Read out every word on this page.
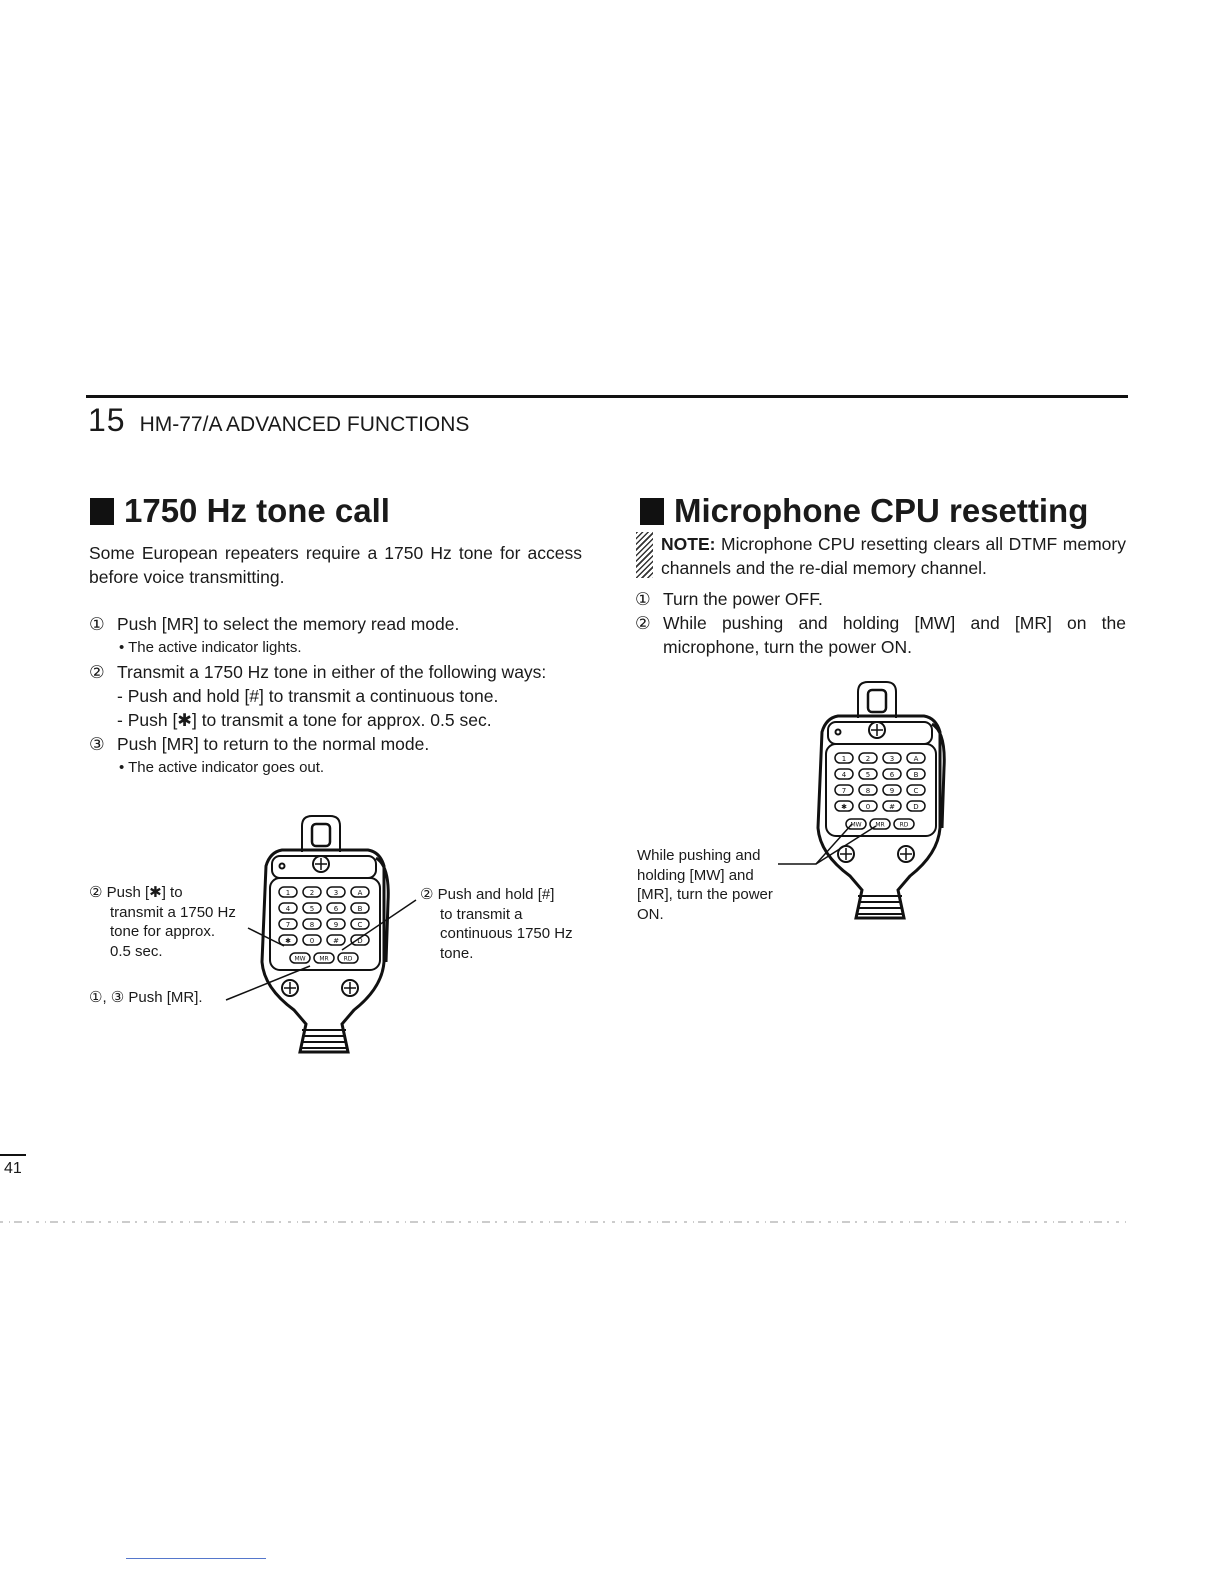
15 HM-77/A ADVANCED FUNCTIONS
1750 Hz tone call
Some European repeaters require a 1750 Hz tone for access before voice transmitting.
① Push [MR] to select the memory read mode.
• The active indicator lights.
② Transmit a 1750 Hz tone in either of the following ways:
- Push and hold [#] to transmit a continuous tone.
- Push [✱] to transmit a tone for approx. 0.5 sec.
③ Push [MR] to return to the normal mode.
• The active indicator goes out.
② Push [✱] to
transmit a 1750 Hz
tone for approx.
0.5 sec.
①, ③ Push [MR].
② Push and hold [#]
to transmit a
continuous 1750 Hz
tone.
1	2	3	A
4	5	6	B
7	8	9	C
✱	0	#	D
MW MR RD
Microphone CPU resetting
NOTE: Microphone CPU resetting clears all DTMF memory channels and the re-dial memory channel.
① Turn the power OFF.
② While pushing and holding [MW] and [MR] on the microphone, turn the power ON.
While pushing and
holding [MW] and
[MR], turn the power
ON.
1	2	3	A
4	5	6	B
7	8	9	C
✱	0	#	D
MW MR RD
41
